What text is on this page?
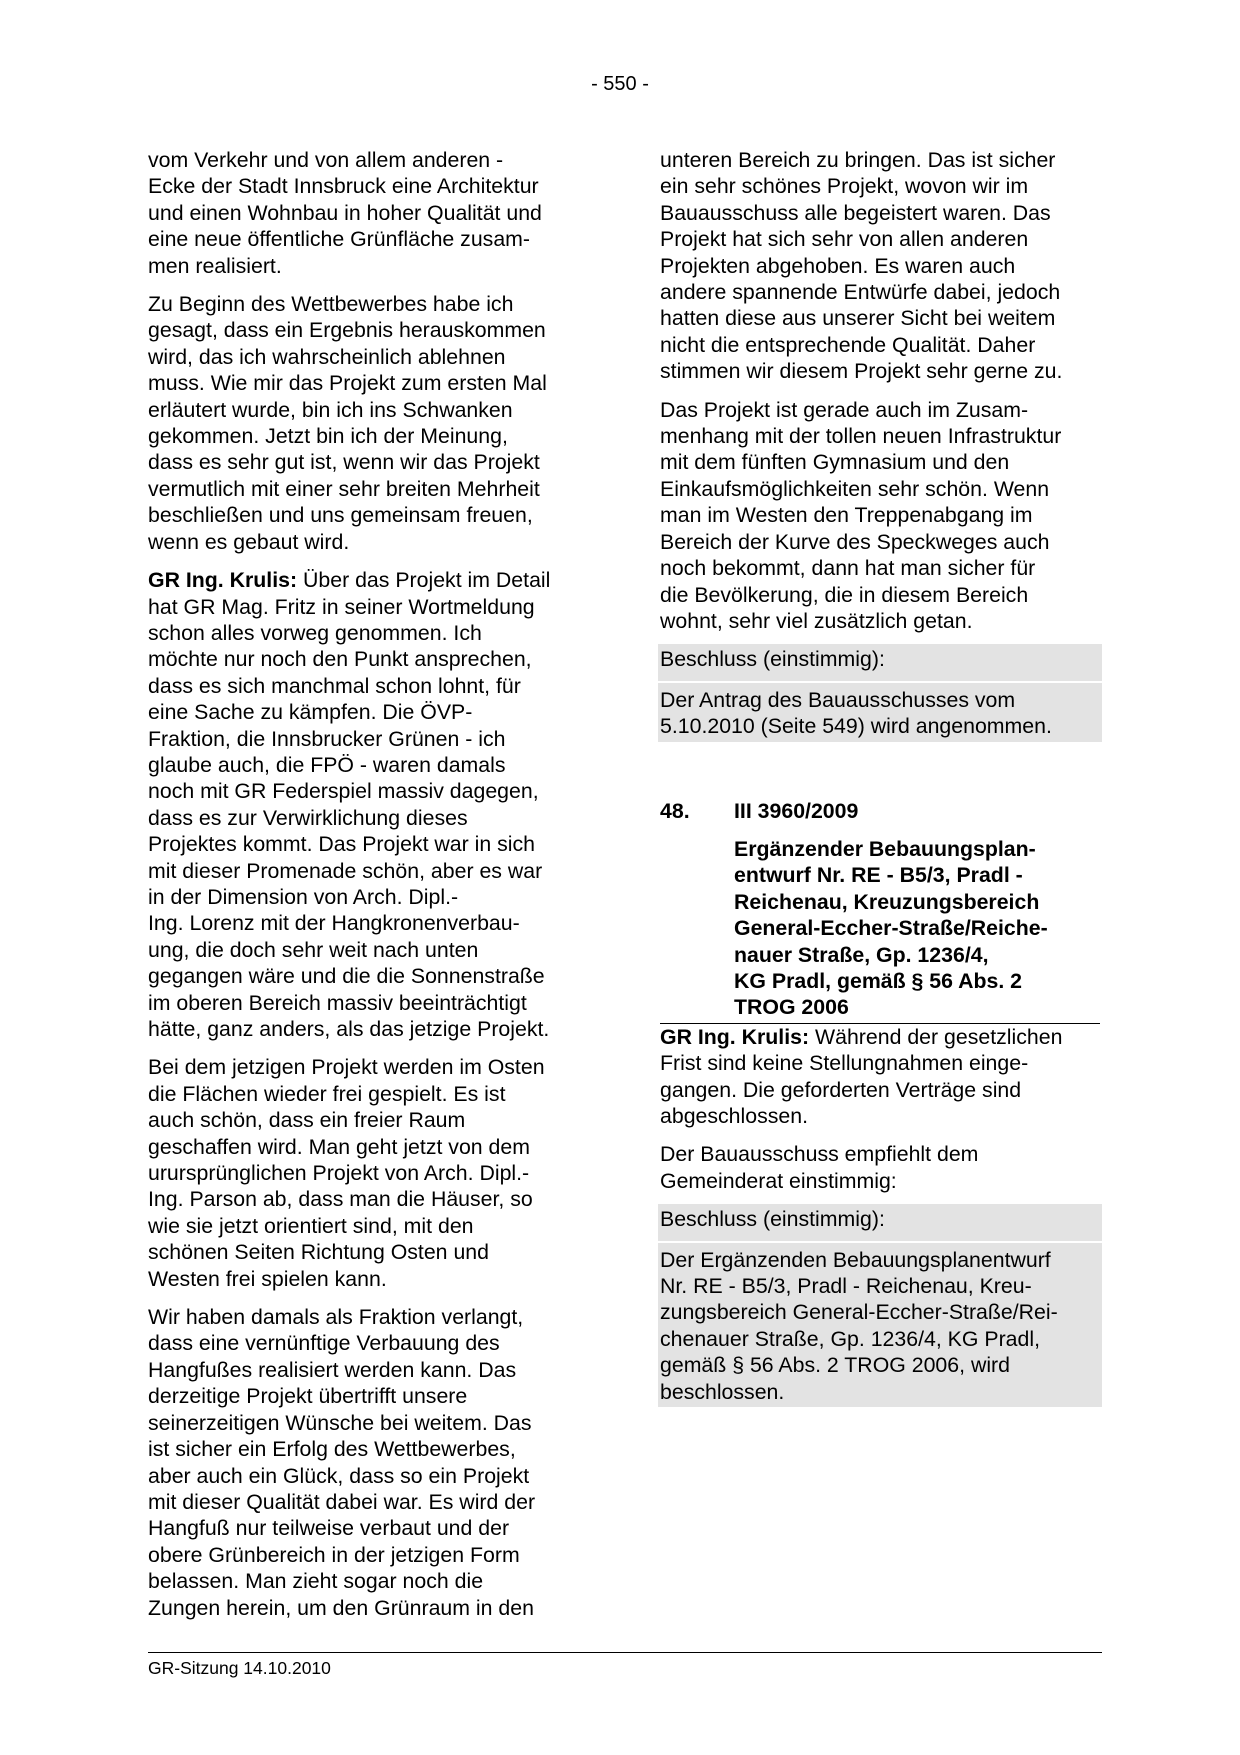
- 550 -

vom Verkehr und von allem anderen -
Ecke der Stadt Innsbruck eine Architektur
und einen Wohnbau in hoher Qualität und
eine neue öffentliche Grünfläche zusam-
men realisiert.

Zu Beginn des Wettbewerbes habe ich
gesagt, dass ein Ergebnis herauskommen
wird, das ich wahrscheinlich ablehnen
muss. Wie mir das Projekt zum ersten Mal
erläutert wurde, bin ich ins Schwanken
gekommen. Jetzt bin ich der Meinung,
dass es sehr gut ist, wenn wir das Projekt
vermutlich mit einer sehr breiten Mehrheit
beschließen und uns gemeinsam freuen,
wenn es gebaut wird.

GR Ing. Krulis: Über das Projekt im Detail
hat GR Mag. Fritz in seiner Wortmeldung
schon alles vorweg genommen. Ich
möchte nur noch den Punkt ansprechen,
dass es sich manchmal schon lohnt, für
eine Sache zu kämpfen. Die ÖVP-
Fraktion, die Innsbrucker Grünen - ich
glaube auch, die FPÖ - waren damals
noch mit GR Federspiel massiv dagegen,
dass es zur Verwirklichung dieses
Projektes kommt. Das Projekt war in sich
mit dieser Promenade schön, aber es war
in der Dimension von Arch. Dipl.-
Ing. Lorenz mit der Hangkronenverbau-
ung, die doch sehr weit nach unten
gegangen wäre und die die Sonnenstraße
im oberen Bereich massiv beeinträchtigt
hätte, ganz anders, als das jetzige Projekt.

Bei dem jetzigen Projekt werden im Osten
die Flächen wieder frei gespielt. Es ist
auch schön, dass ein freier Raum
geschaffen wird. Man geht jetzt von dem
urursprünglichen Projekt von Arch. Dipl.-
Ing. Parson ab, dass man die Häuser, so
wie sie jetzt orientiert sind, mit den
schönen Seiten Richtung Osten und
Westen frei spielen kann.

Wir haben damals als Fraktion verlangt,
dass eine vernünftige Verbauung des
Hangfußes realisiert werden kann. Das
derzeitige Projekt übertrifft unsere
seinerzeitigen Wünsche bei weitem. Das
ist sicher ein Erfolg des Wettbewerbes,
aber auch ein Glück, dass so ein Projekt
mit dieser Qualität dabei war. Es wird der
Hangfuß nur teilweise verbaut und der
obere Grünbereich in der jetzigen Form
belassen. Man zieht sogar noch die
Zungen herein, um den Grünraum in den

unteren Bereich zu bringen. Das ist sicher
ein sehr schönes Projekt, wovon wir im
Bauausschuss alle begeistert waren. Das
Projekt hat sich sehr von allen anderen
Projekten abgehoben. Es waren auch
andere spannende Entwürfe dabei, jedoch
hatten diese aus unserer Sicht bei weitem
nicht die entsprechende Qualität. Daher
stimmen wir diesem Projekt sehr gerne zu.

Das Projekt ist gerade auch im Zusam-
menhang mit der tollen neuen Infrastruktur
mit dem fünften Gymnasium und den
Einkaufsmöglichkeiten sehr schön. Wenn
man im Westen den Treppenabgang im
Bereich der Kurve des Speckweges auch
noch bekommt, dann hat man sicher für
die Bevölkerung, die in diesem Bereich
wohnt, sehr viel zusätzlich getan.

Beschluss (einstimmig):
Der Antrag des Bauausschusses vom
5.10.2010 (Seite 549) wird angenommen.
48.	III 3960/2009
Ergänzender Bebauungsplan-
entwurf Nr. RE - B5/3, Pradl -
Reichenau, Kreuzungsbereich
General-Eccher-Straße/Reiche-
nauer Straße, Gp. 1236/4,
KG Pradl, gemäß § 56 Abs. 2
TROG 2006

GR Ing. Krulis: Während der gesetzlichen
Frist sind keine Stellungnahmen einge-
gangen. Die geforderten Verträge sind
abgeschlossen.

Der Bauausschuss empfiehlt dem
Gemeinderat einstimmig:

Beschluss (einstimmig):
Der Ergänzenden Bebauungsplanentwurf
Nr. RE - B5/3, Pradl - Reichenau, Kreu-
zungsbereich General-Eccher-Straße/Rei-
chenauer Straße, Gp. 1236/4, KG Pradl,
gemäß § 56 Abs. 2 TROG 2006, wird
beschlossen.
GR-Sitzung 14.10.2010
